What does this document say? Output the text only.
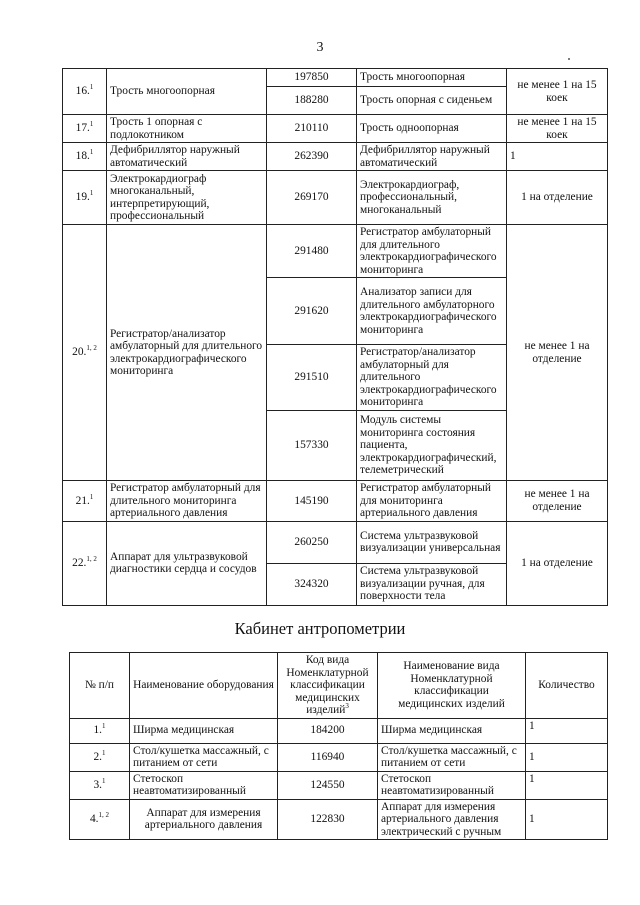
3
16.$^1$	Трость многоопорная	197850	Трость многоопорная	не менее 1 на 15 коек
		188280	Трость опорная с сиденьем	
17.$^1$	Трость 1 опорная с подлокотником	210110	Трость одноопорная	не менее 1 на 15 коек
18.$^1$	Дефибриллятор наружный автоматический	262390	Дефибриллятор наружный автоматический	1
19.$^1$	Электрокардиограф многоканальный, интерпретирующий, профессиональный	269170	Электрокардиограф, профессиональный, многоканальный	1 на отделение
20.$^{1, 2}$	Регистратор/анализатор амбулаторный для длительного электрокардиографического мониторинга	291480	Регистратор амбулаторный для длительного электрокардиографического мониторинга	не менее 1 на отделение
		291620	Анализатор записи для длительного амбулаторного электрокардиографического мониторинга	
		291510	Регистратор/анализатор амбулаторный для длительного электрокардиографического мониторинга	
		157330	Модуль системы мониторинга состояния пациента, электрокардиографический, телеметрический	
21.$^1$	Регистратор амбулаторный для длительного мониторинга артериального давления	145190	Регистратор амбулаторный для мониторинга артериального давления	не менее 1 на отделение
22.$^{1, 2}$	Аппарат для ультразвуковой диагностики сердца и сосудов	260250	Система ультразвуковой визуализации универсальная	1 на отделение
		324320	Система ультразвуковой визуализации ручная, для поверхности тела	
Кабинет антропометрии
№ п/п	Наименование оборудования	Код вида Номенклатурной классификации медицинских изделий$^3$	Наименование вида Номенклатурной классификации медицинских изделий	Количество
1.$^1$	Ширма медицинская	184200	Ширма медицинская	1
2.$^1$	Стол/кушетка массажный, с питанием от сети	116940	Стол/кушетка массажный, с питанием от сети	1
3.$^1$	Стетоскоп неавтоматизированный	124550	Стетоскоп неавтоматизированный	1
4.$^{1, 2}$	Аппарат для измерения артериального давления	122830	Аппарат для измерения артериального давления электрический с ручным	1
